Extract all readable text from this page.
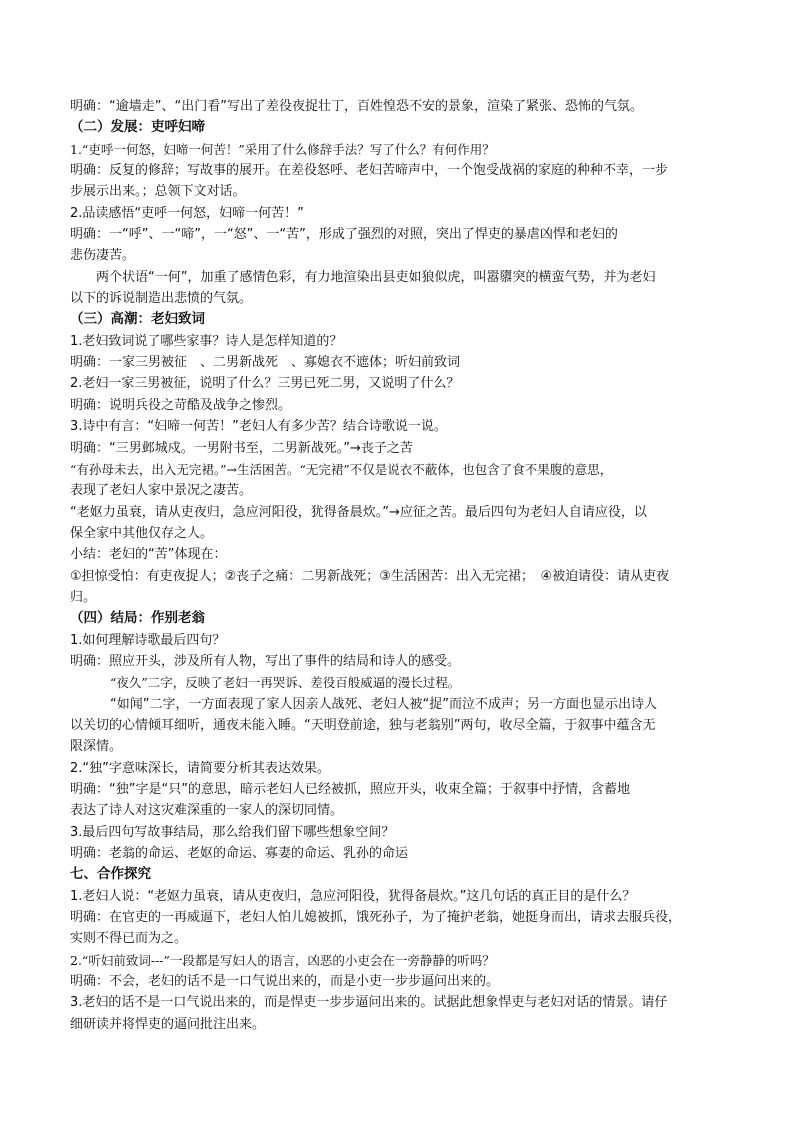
明确：“逾墙走”、“出门看”写出了差役夜捉壮丁，百姓惶恐不安的景象，渲染了紧张、恐怖的气氛。
（二）发展：吏呼妇啼
1.“吏呼一何怒，妇啼一何苦！”采用了什么修辞手法？写了什么？有何作用？
明确：反复的修辞；写故事的展开。在差役怒呼、老妇苦啼声中，一个饱受战祸的家庭的种种不幸，一步
步展示出来。；总领下文对话。
2.品读感悟“吏呼一何怒，妇啼一何苦！”
明确：一“呼”、一“啼”，一“怒”、一“苦”，形成了强烈的对照，突出了悍吏的暴虐凶悍和老妇的
悲伤凄苦。
两个状语“一何”，加重了感情色彩，有力地渲染出县吏如狼似虎，叫嚣隳突的横蛮气势，并为老妇
以下的诉说制造出悲愤的气氛。
（三）高潮：老妇致词
1.老妇致词说了哪些家事？诗人是怎样知道的？
明确：一家三男被征　、二男新战死　、寡媳衣不遮体；听妇前致词
2.老妇一家三男被征，说明了什么？三男已死二男，又说明了什么？
明确：说明兵役之苛酷及战争之惨烈。
3.诗中有言：“妇啼一何苦！”老妇人有多少苦？结合诗歌说一说。
明确：“三男邺城戍。一男附书至，二男新战死。”→丧子之苦
“有孙母未去，出入无完裙。”→生活困苦。“无完裙”不仅是说衣不蔽体，也包含了食不果腹的意思，
表现了老妇人家中景况之凄苦。
“老妪力虽衰，请从吏夜归，急应河阳役，犹得备晨炊。”→应征之苦。最后四句为老妇人自请应役，以
保全家中其他仅存之人。
小结：老妇的“苦”体现在：
①担惊受怕：有吏夜捉人；②丧子之痛：二男新战死；③生活困苦：出入无完裙；　④被迫请役：请从吏夜
归。
（四）结局：作别老翁
1.如何理解诗歌最后四句？
明确：照应开头，涉及所有人物，写出了事件的结局和诗人的感受。
“夜久”二字，反映了老妇一再哭诉、差役百般威逼的漫长过程。
“如闻”二字，一方面表现了家人因亲人战死、老妇人被“捉”而泣不成声；另一方面也显示出诗人
以关切的心情倾耳细听，通夜未能入睡。“天明登前途，独与老翁别”两句，收尽全篇，于叙事中蕴含无
限深情。
2.“独”字意味深长，请简要分析其表达效果。
明确：“独”字是“只”的意思，暗示老妇人已经被抓，照应开头，收束全篇；于叙事中抒情，含蓄地
表达了诗人对这灾难深重的一家人的深切同情。
3.最后四句写故事结局，那么给我们留下哪些想象空间？
明确：老翁的命运、老妪的命运、寡妻的命运、乳孙的命运
七、合作探究
1.老妇人说：“老妪力虽衰，请从吏夜归，急应河阳役，犹得备晨炊。”这几句话的真正目的是什么？
明确：在官吏的一再威逼下，老妇人怕儿媳被抓，饿死孙子，为了掩护老翁，她挺身而出，请求去服兵役，
实则不得已而为之。
2.“听妇前致词---”一段都是写妇人的语言，凶恶的小吏会在一旁静静的听吗？
明确：不会，老妇的话不是一口气说出来的，而是小吏一步步逼问出来的。
3.老妇的话不是一口气说出来的，而是悍吏一步步逼问出来的。试据此想象悍吏与老妇对话的情景。请仔
细研读并将悍吏的逼问批注出来。
